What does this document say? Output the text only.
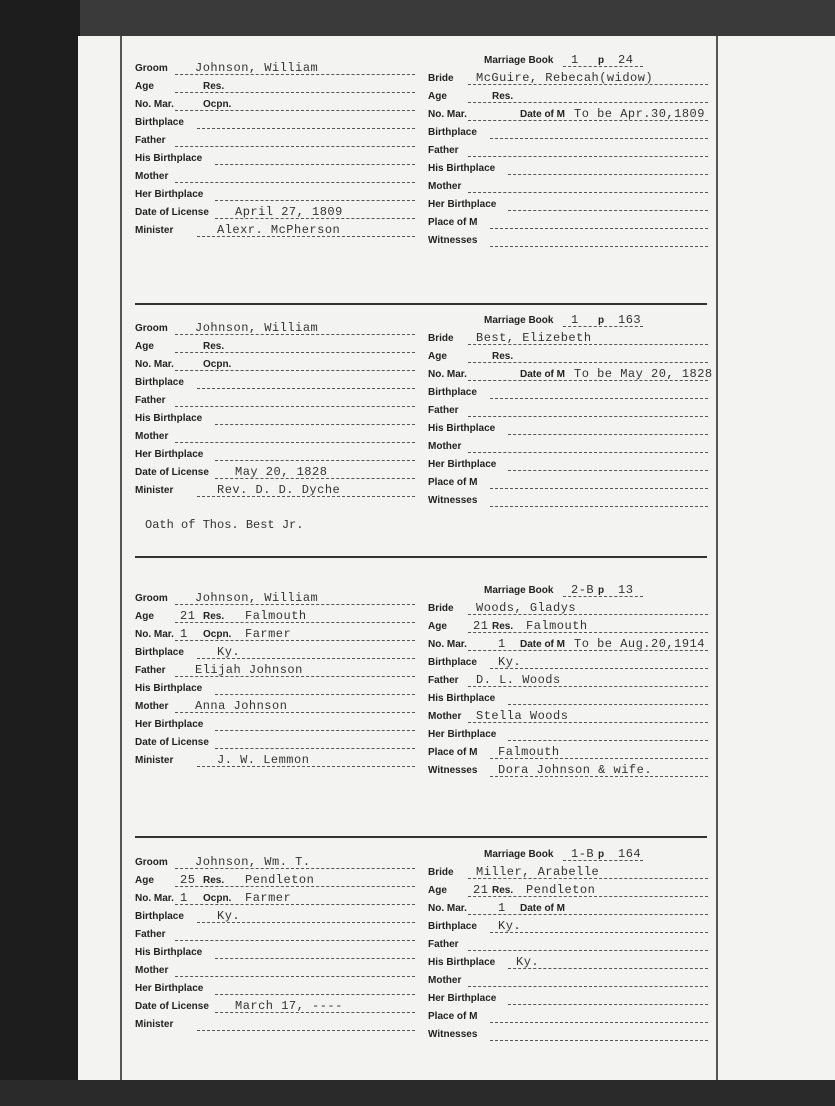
Groom Johnson, William
Age	Res.
No. Mar.	Ocpn.
Birthplace
Father
His Birthplace
Mother
Her Birthplace
Date of License April 27, 1809
Minister	Alexr. McPherson
Marriage Book 1 p 24
Bride McGuire, Rebecah(widow)
Age	Res.
No. Mar.	Date of M To be Apr.30,1809
Birthplace
Father
His Birthplace
Mother
Her Birthplace
Place of M
Witnesses
Groom Johnson, William
Age	Res.
No. Mar.	Ocpn.
Birthplace
Father
His Birthplace
Mother
Her Birthplace
Date of License May 20, 1828
Minister	Rev. D. D. Dyche
Marriage Book 1 p 163
Bride Best, Elizebeth
Age	Res.
No. Mar.	Date of M To be May 20, 1828
Birthplace
Father
His Birthplace
Mother
Her Birthplace
Place of M
Witnesses
Oath of Thos. Best Jr.
Groom Johnson, William
Age 21 Res. Falmouth
No. Mar. 1 Ocpn. Farmer
Birthplace	Ky.
Father Elijah Johnson
His Birthplace
Mother Anna Johnson
Her Birthplace
Date of License
Minister	J. W. Lemmon
Marriage Book 2-B p 13
Bride Woods, Gladys
Age 21 Res. Falmouth
No. Mar.	1 Date of M To be Aug.20,1914
Birthplace Ky.
Father D. L. Woods
His Birthplace
Mother Stella Woods
Her Birthplace
Place of M Falmouth
Witnesses Dora Johnson & wife.
Groom Johnson, Wm. T.
Age 25 Res. Pendleton
No. Mar. 1 Ocpn. Farmer
Birthplace	Ky.
Father
His Birthplace
Mother
Her Birthplace
Date of License March 17, ----
Minister
Marriage Book 1-B p 164
Bride Miller, Arabelle
Age 21 Res. Pendleton
No. Mar.	1 Date of M
Birthplace Ky.
Father
His Birthplace Ky.
Mother
Her Birthplace
Place of M
Witnesses
